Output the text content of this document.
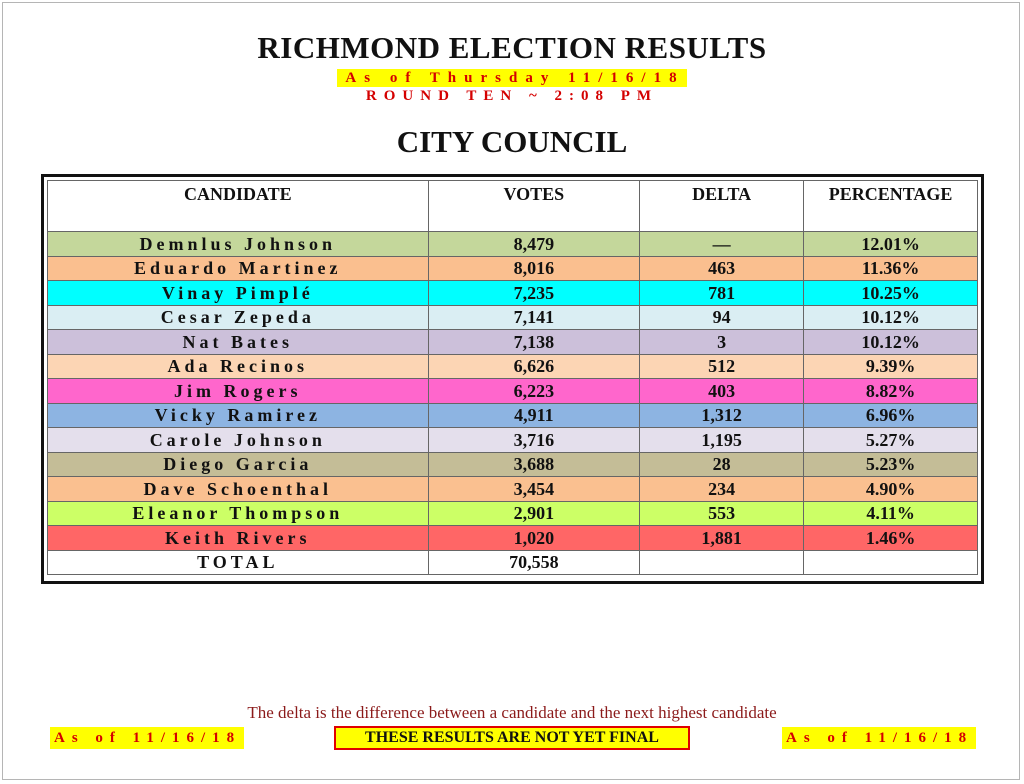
RICHMOND ELECTION RESULTS
As of Thursday 11/16/18
ROUND TEN ~ 2:08 PM
CITY COUNCIL
CANDIDATE	VOTES	DELTA	PERCENTAGE
Demnlus Johnson	8,479	—	12.01%
Eduardo Martinez	8,016	463	11.36%
Vinay Pimplé	7,235	781	10.25%
Cesar Zepeda	7,141	94	10.12%
Nat Bates	7,138	3	10.12%
Ada Recinos	6,626	512	9.39%
Jim Rogers	6,223	403	8.82%
Vicky Ramirez	4,911	1,312	6.96%
Carole Johnson	3,716	1,195	5.27%
Diego Garcia	3,688	28	5.23%
Dave Schoenthal	3,454	234	4.90%
Eleanor Thompson	2,901	553	4.11%
Keith Rivers	1,020	1,881	1.46%
TOTAL	70,558		
The delta is the difference between a candidate and the next highest candidate
As of 11/16/18	THESE RESULTS ARE NOT YET FINAL	As of 11/16/18
